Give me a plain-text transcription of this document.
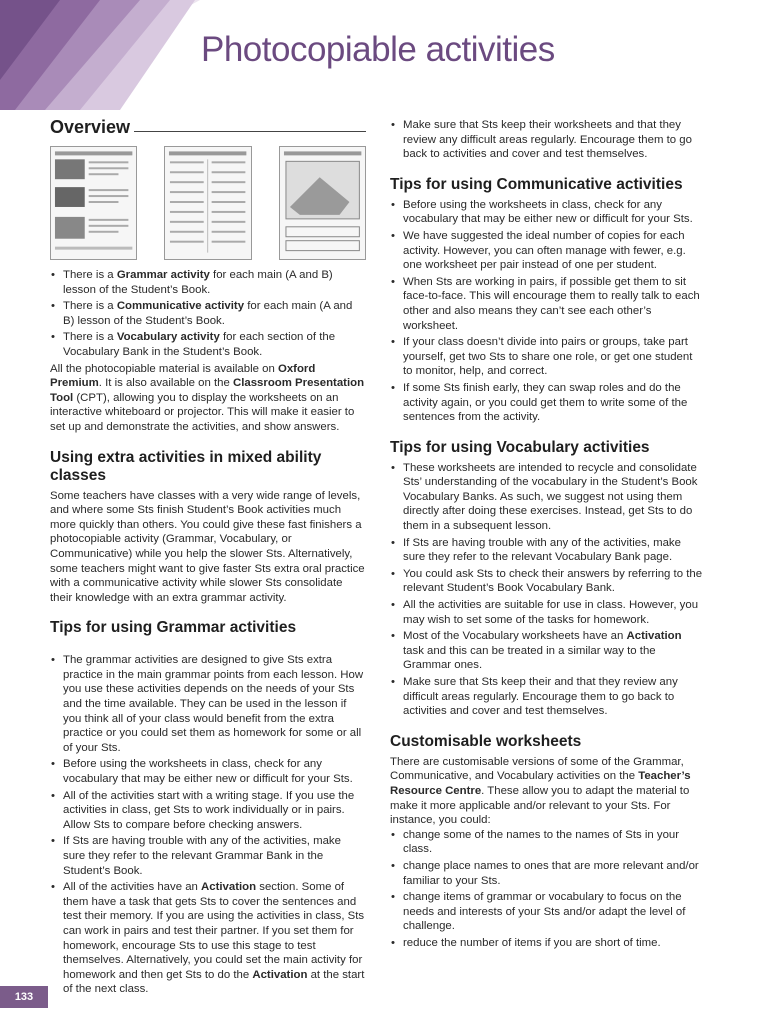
Photocopiable activities
Overview
• There is a Grammar activity for each main (A and B) lesson of the Student’s Book.
• There is a Communicative activity for each main (A and B) lesson of the Student’s Book.
• There is a Vocabulary activity for each section of the Vocabulary Bank in the Student’s Book.

All the photocopiable material is available on Oxford Premium. It is also available on the Classroom Presentation Tool (CPT), allowing you to display the worksheets on an interactive whiteboard or projector. This will make it easier to set up and demonstrate the activities, and show answers.

Using extra activities in mixed ability classes

Some teachers have classes with a very wide range of levels, and where some Sts finish Student’s Book activities much more quickly than others. You could give these fast finishers a photocopiable activity (Grammar, Vocabulary, or Communicative) while you help the slower Sts. Alternatively, some teachers might want to give faster Sts extra oral practice with a communicative activity while slower Sts consolidate their knowledge with an extra grammar activity.

Tips for using Grammar activities
• The grammar activities are designed to give Sts extra practice in the main grammar points from each lesson. How you use these activities depends on the needs of your Sts and the time available. They can be used in the lesson if you think all of your class would benefit from the extra practice or you could set them as homework for some or all of your Sts.
• Before using the worksheets in class, check for any vocabulary that may be either new or difficult for your Sts.
• All of the activities start with a writing stage. If you use the activities in class, get Sts to work individually or in pairs. Allow Sts to compare before checking answers.
• If Sts are having trouble with any of the activities, make sure they refer to the relevant Grammar Bank in the Student’s Book.
• All of the activities have an Activation section. Some of them have a task that gets Sts to cover the sentences and test their memory. If you are using the activities in class, Sts can work in pairs and test their partner. If you set them for homework, encourage Sts to use this stage to test themselves. Alternatively, you could set the main activity for homework and then get Sts to do the Activation at the start of the next class.
• Make sure that Sts keep their worksheets and that they review any difficult areas regularly. Encourage them to go back to activities and cover and test themselves.
Tips for using Communicative activities
• Before using the worksheets in class, check for any vocabulary that may be either new or difficult for your Sts.
• We have suggested the ideal number of copies for each activity. However, you can often manage with fewer, e.g. one worksheet per pair instead of one per student.
• When Sts are working in pairs, if possible get them to sit face-to-face. This will encourage them to really talk to each other and also means they can’t see each other’s worksheet.
• If your class doesn’t divide into pairs or groups, take part yourself, get two Sts to share one role, or get one student to monitor, help, and correct.
• If some Sts finish early, they can swap roles and do the activity again, or you could get them to write some of the sentences from the activity.
Tips for using Vocabulary activities
• These worksheets are intended to recycle and consolidate Sts’ understanding of the vocabulary in the Student’s Book Vocabulary Banks. As such, we suggest not using them directly after doing these exercises. Instead, get Sts to do them in a subsequent lesson.
• If Sts are having trouble with any of the activities, make sure they refer to the relevant Vocabulary Bank page.
• You could ask Sts to check their answers by referring to the relevant Student’s Book Vocabulary Bank.
• All the activities are suitable for use in class. However, you may wish to set some of the tasks for homework.
• Most of the Vocabulary worksheets have an Activation task and this can be treated in a similar way to the Grammar ones.
• Make sure that Sts keep their and that they review any difficult areas regularly. Encourage them to go back to activities and cover and test themselves.
Customisable worksheets

There are customisable versions of some of the Grammar, Communicative, and Vocabulary activities on the Teacher’s Resource Centre. These allow you to adapt the material to make it more applicable and/or relevant to your Sts. For instance, you could:

• change some of the names to the names of Sts in your class.
• change place names to ones that are more relevant and/or familiar to your Sts.
• change items of grammar or vocabulary to focus on the needs and interests of your Sts and/or adapt the level of challenge.
• reduce the number of items if you are short of time.
133
